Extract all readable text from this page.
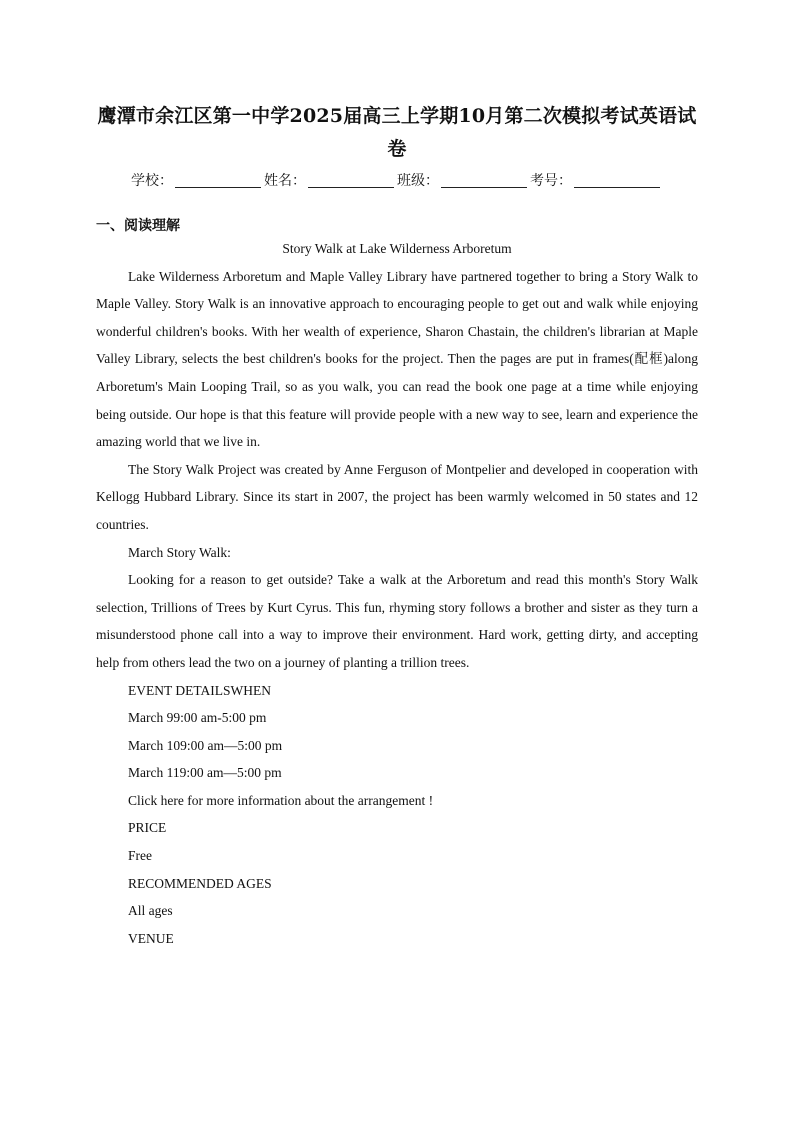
鹰潭市余江区第一中学2025届高三上学期10月第二次模拟考试英语试卷
学校：	姓名：	班级：	考号：
一、阅读理解
Story Walk at Lake Wilderness Arboretum

Lake Wilderness Arboretum and Maple Valley Library have partnered together to bring a Story Walk to Maple Valley. Story Walk is an innovative approach to encouraging people to get out and walk while enjoying wonderful children's books. With her wealth of experience, Sharon Chastain, the children's librarian at Maple Valley Library, selects the best children's books for the project. Then the pages are put in frames(配框)along Arboretum's Main Looping Trail, so as you walk, you can read the book one page at a time while enjoying being outside. Our hope is that this feature will provide people with a new way to see, learn and experience the amazing world that we live in.

The Story Walk Project was created by Anne Ferguson of Montpelier and developed in cooperation with Kellogg Hubbard Library. Since its start in 2007, the project has been warmly welcomed in 50 states and 12 countries.

March Story Walk:

Looking for a reason to get outside? Take a walk at the Arboretum and read this month's Story Walk selection, Trillions of Trees by Kurt Cyrus. This fun, rhyming story follows a brother and sister as they turn a misunderstood phone call into a way to improve their environment. Hard work, getting dirty, and accepting help from others lead the two on a journey of planting a trillion trees.

EVENT DETAILSWHEN
March 99:00 am-5:00 pm
March 109:00 am—5:00 pm
March 119:00 am—5:00 pm
Click here for more information about the arrangement !
PRICE
Free
RECOMMENDED AGES
All ages
VENUE
